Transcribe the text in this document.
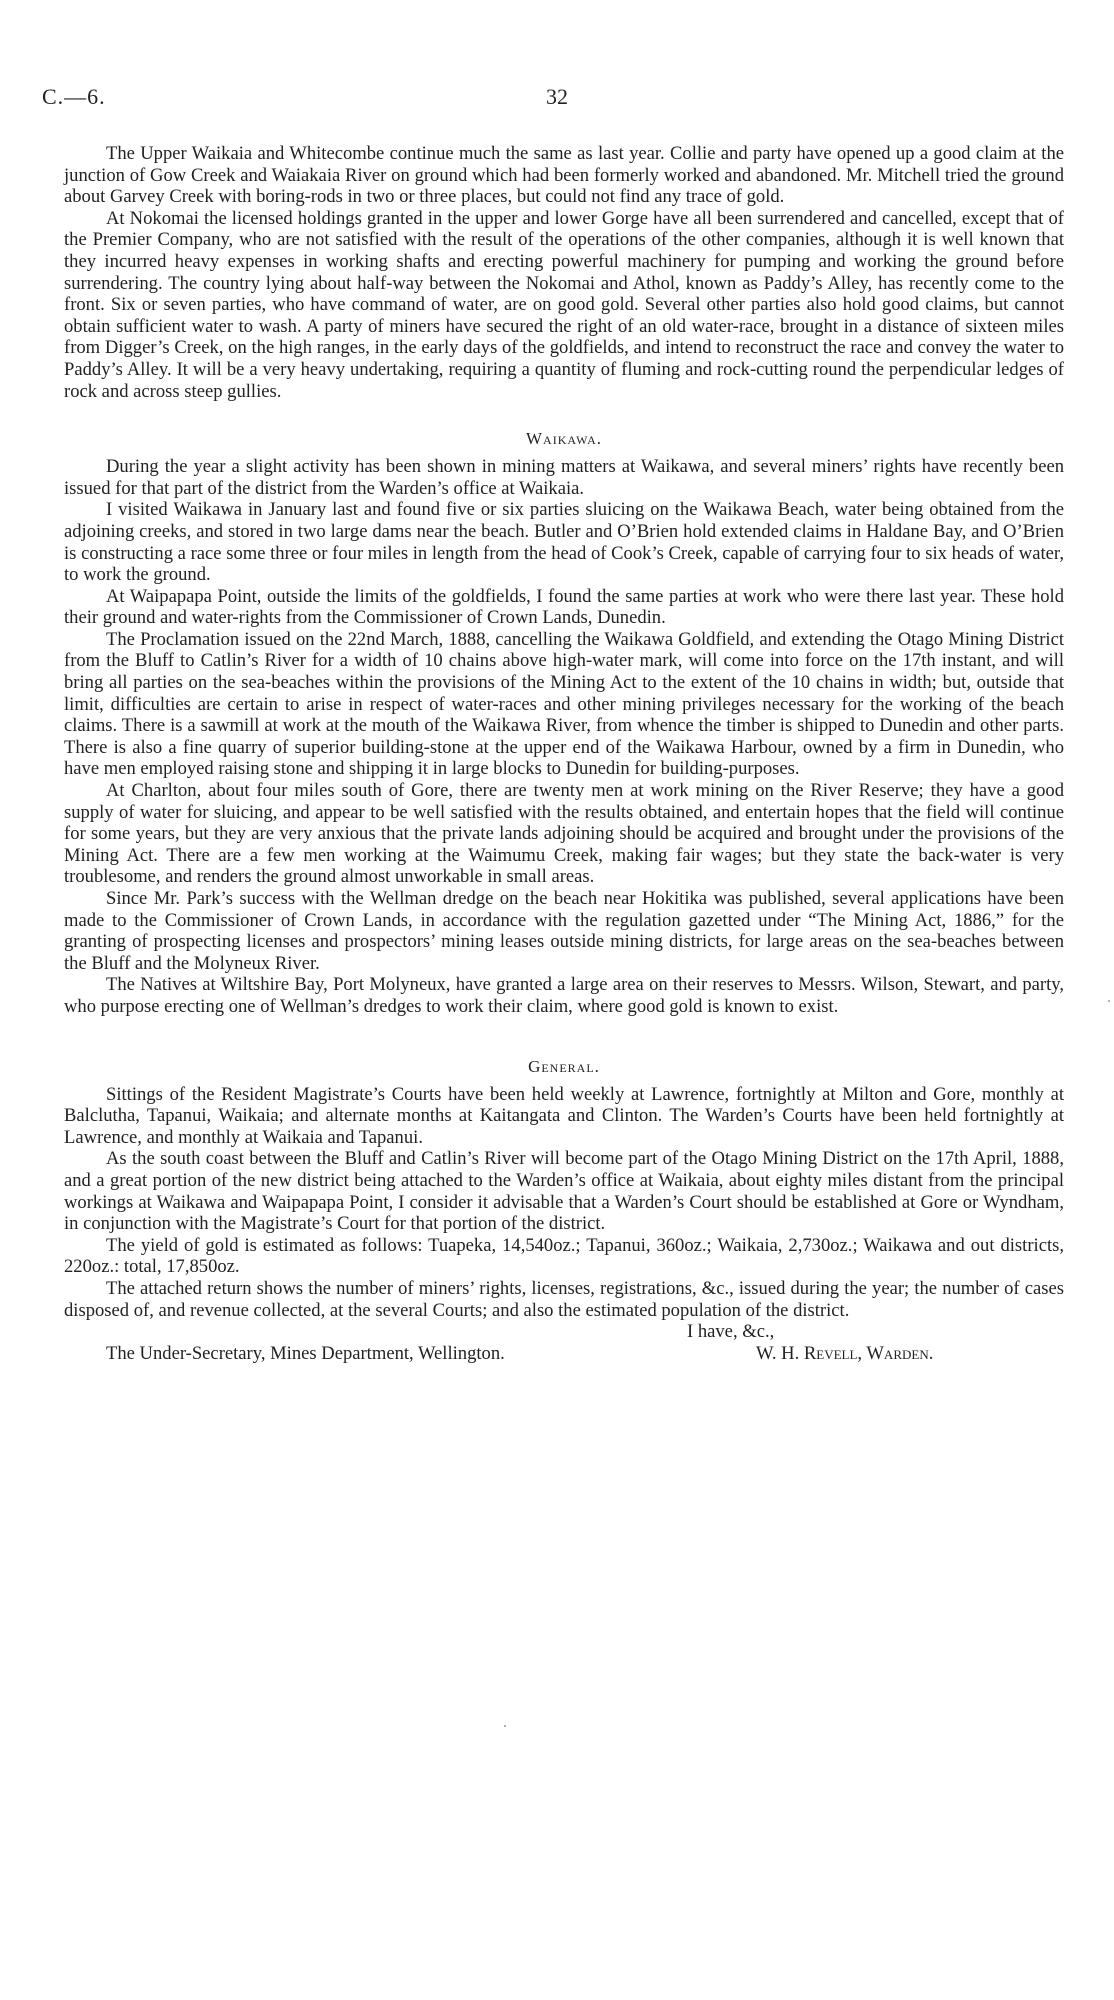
C.—6.	32

The Upper Waikaia and Whitecombe continue much the same as last year. Collie and party have opened up a good claim at the junction of Gow Creek and Waiakaia River on ground which had been formerly worked and abandoned. Mr. Mitchell tried the ground about Garvey Creek with boring-rods in two or three places, but could not find any trace of gold.

At Nokomai the licensed holdings granted in the upper and lower Gorge have all been surrendered and cancelled, except that of the Premier Company, who are not satisfied with the result of the operations of the other companies, although it is well known that they incurred heavy expenses in working shafts and erecting powerful machinery for pumping and working the ground before surrendering. The country lying about half-way between the Nokomai and Athol, known as Paddy’s Alley, has recently come to the front. Six or seven parties, who have command of water, are on good gold. Several other parties also hold good claims, but cannot obtain sufficient water to wash. A party of miners have secured the right of an old water-race, brought in a distance of sixteen miles from Digger’s Creek, on the high ranges, in the early days of the goldfields, and intend to reconstruct the race and convey the water to Paddy’s Alley. It will be a very heavy undertaking, requiring a quantity of fluming and rock-cutting round the perpendicular ledges of rock and across steep gullies.

Waikawa.

During the year a slight activity has been shown in mining matters at Waikawa, and several miners’ rights have recently been issued for that part of the district from the Warden’s office at Waikaia.

I visited Waikawa in January last and found five or six parties sluicing on the Waikawa Beach, water being obtained from the adjoining creeks, and stored in two large dams near the beach. Butler and O’Brien hold extended claims in Haldane Bay, and O’Brien is constructing a race some three or four miles in length from the head of Cook’s Creek, capable of carrying four to six heads of water, to work the ground.

At Waipapapa Point, outside the limits of the goldfields, I found the same parties at work who were there last year. These hold their ground and water-rights from the Commissioner of Crown Lands, Dunedin.

The Proclamation issued on the 22nd March, 1888, cancelling the Waikawa Goldfield, and extending the Otago Mining District from the Bluff to Catlin’s River for a width of 10 chains above high-water mark, will come into force on the 17th instant, and will bring all parties on the sea-beaches within the provisions of the Mining Act to the extent of the 10 chains in width; but, outside that limit, difficulties are certain to arise in respect of water-races and other mining privileges necessary for the working of the beach claims. There is a sawmill at work at the mouth of the Waikawa River, from whence the timber is shipped to Dunedin and other parts. There is also a fine quarry of superior building-stone at the upper end of the Waikawa Harbour, owned by a firm in Dunedin, who have men employed raising stone and shipping it in large blocks to Dunedin for building-purposes.

At Charlton, about four miles south of Gore, there are twenty men at work mining on the River Reserve; they have a good supply of water for sluicing, and appear to be well satisfied with the results obtained, and entertain hopes that the field will continue for some years, but they are very anxious that the private lands adjoining should be acquired and brought under the provisions of the Mining Act. There are a few men working at the Waimumu Creek, making fair wages; but they state the back-water is very troublesome, and renders the ground almost unworkable in small areas.

Since Mr. Park’s success with the Wellman dredge on the beach near Hokitika was published, several applications have been made to the Commissioner of Crown Lands, in accordance with the regulation gazetted under “The Mining Act, 1886,” for the granting of prospecting licenses and prospectors’ mining leases outside mining districts, for large areas on the sea-beaches between the Bluff and the Molyneux River.

The Natives at Wiltshire Bay, Port Molyneux, have granted a large area on their reserves to Messrs. Wilson, Stewart, and party, who purpose erecting one of Wellman’s dredges to work their claim, where good gold is known to exist.

General.

Sittings of the Resident Magistrate’s Courts have been held weekly at Lawrence, fortnightly at Milton and Gore, monthly at Balclutha, Tapanui, Waikaia; and alternate months at Kaitangata and Clinton. The Warden’s Courts have been held fortnightly at Lawrence, and monthly at Waikaia and Tapanui.

As the south coast between the Bluff and Catlin’s River will become part of the Otago Mining District on the 17th April, 1888, and a great portion of the new district being attached to the Warden’s office at Waikaia, about eighty miles distant from the principal workings at Waikawa and Waipapapa Point, I consider it advisable that a Warden’s Court should be established at Gore or Wyndham, in conjunction with the Magistrate’s Court for that portion of the district.

The yield of gold is estimated as follows: Tuapeka, 14,540oz.; Tapanui, 360oz.; Waikaia, 2,730oz.; Waikawa and out districts, 220oz.: total, 17,850oz.

The attached return shows the number of miners’ rights, licenses, registrations, &c., issued during the year; the number of cases disposed of, and revenue collected, at the several Courts; and also the estimated population of the district.

I have, &c.,
The Under-Secretary, Mines Department, Wellington.	W. H. Revell, Warden.
